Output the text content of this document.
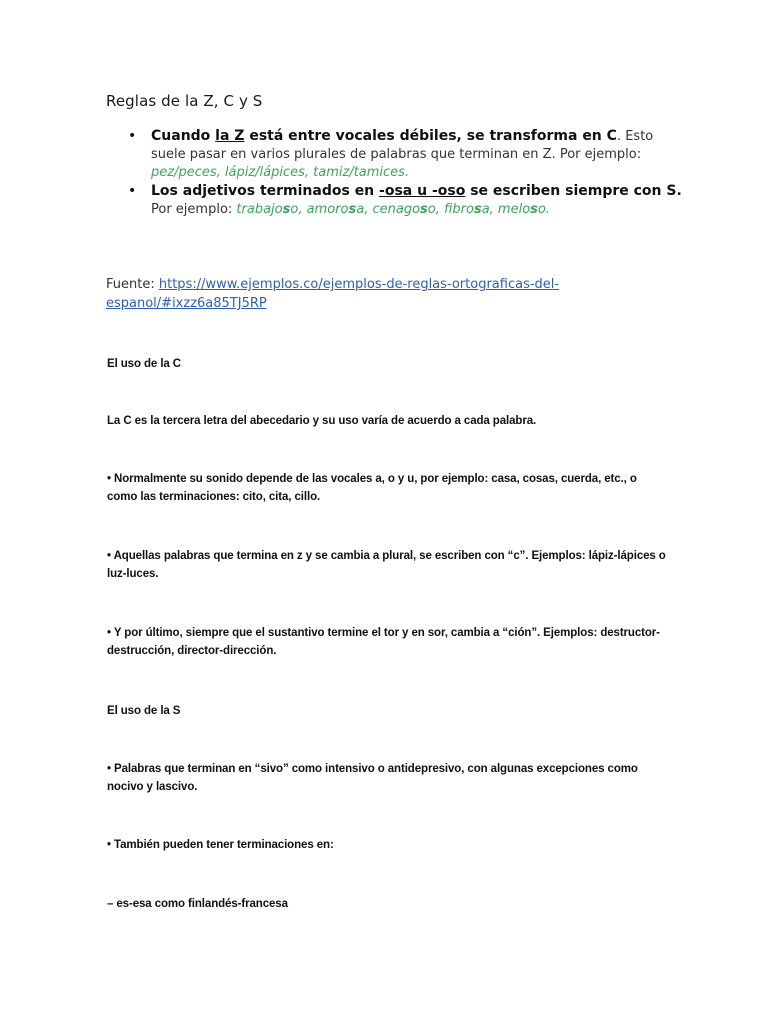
Reglas de la Z, C y S
• Cuando la Z está entre vocales débiles, se transforma en C. Esto suele pasar en varios plurales de palabras que terminan en Z. Por ejemplo: pez/peces, lápiz/lápices, tamiz/tamices.
• Los adjetivos terminados en -osa u -oso se escriben siempre con S. Por ejemplo: trabajoso, amorosa, cenagoso, fibrosa, meloso.
Fuente: https://www.ejemplos.co/ejemplos-de-reglas-ortograficas-del-espanol/#ixzz6a85TJ5RP
El uso de la C
La C es la tercera letra del abecedario y su uso varía de acuerdo a cada palabra.
• Normalmente su sonido depende de las vocales a, o y u, por ejemplo: casa, cosas, cuerda, etc., o como las terminaciones: cito, cita, cillo.
• Aquellas palabras que termina en z y se cambia a plural, se escriben con “c”. Ejemplos: lápiz-lápices o luz-luces.
• Y por último, siempre que el sustantivo termine el tor y en sor, cambia a “ción”. Ejemplos: destructor-destrucción, director-dirección.
El uso de la S
• Palabras que terminan en “sivo” como intensivo o antidepresivo, con algunas excepciones como nocivo y lascivo.
• También pueden tener terminaciones en:
– es-esa como finlandés-francesa
